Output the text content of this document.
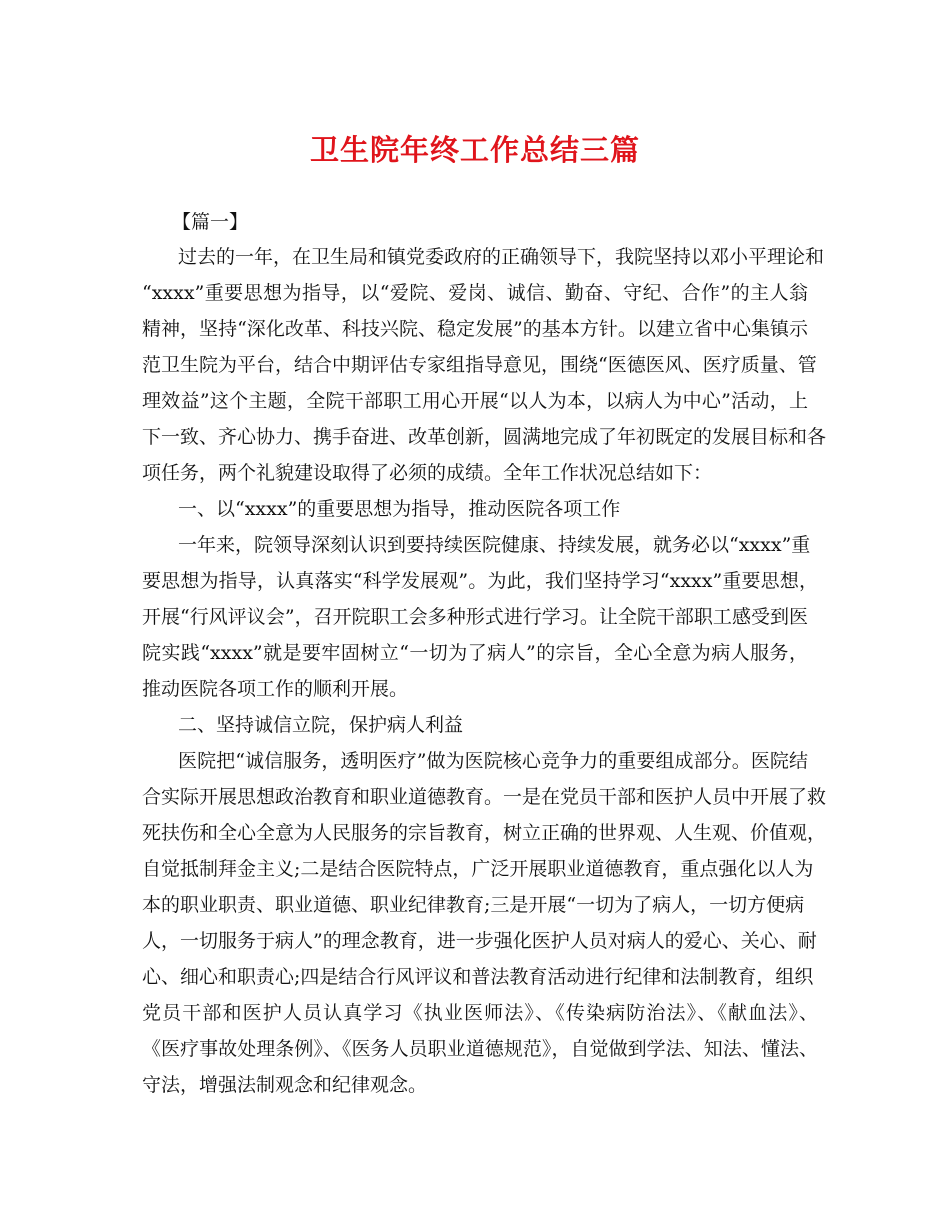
卫生院年终工作总结三篇
【篇一】
过去的一年，在卫生局和镇党委政府的正确领导下，我院坚持以邓小平理论和
“xxxx”重要思想为指导，以“爱院、爱岗、诚信、勤奋、守纪、合作”的主人翁
精神，坚持“深化改革、科技兴院、稳定发展”的基本方针。以建立省中心集镇示
范卫生院为平台，结合中期评估专家组指导意见，围绕“医德医风、医疗质量、管
理效益”这个主题，全院干部职工用心开展“以人为本，以病人为中心”活动，上
下一致、齐心协力、携手奋进、改革创新，圆满地完成了年初既定的发展目标和各
项任务，两个礼貌建设取得了必须的成绩。全年工作状况总结如下：
一、以“xxxx”的重要思想为指导，推动医院各项工作
一年来，院领导深刻认识到要持续医院健康、持续发展，就务必以“xxxx”重
要思想为指导，认真落实“科学发展观”。为此，我们坚持学习“xxxx”重要思想，
开展“行风评议会”，召开院职工会多种形式进行学习。让全院干部职工感受到医
院实践“xxxx”就是要牢固树立“一切为了病人”的宗旨，全心全意为病人服务，
推动医院各项工作的顺利开展。
二、坚持诚信立院，保护病人利益
医院把“诚信服务，透明医疗”做为医院核心竞争力的重要组成部分。医院结
合实际开展思想政治教育和职业道德教育。一是在党员干部和医护人员中开展了救
死扶伤和全心全意为人民服务的宗旨教育，树立正确的世界观、人生观、价值观，
自觉抵制拜金主义;二是结合医院特点，广泛开展职业道德教育，重点强化以人为
本的职业职责、职业道德、职业纪律教育;三是开展“一切为了病人，一切方便病
人，一切服务于病人”的理念教育，进一步强化医护人员对病人的爱心、关心、耐
心、细心和职责心;四是结合行风评议和普法教育活动进行纪律和法制教育，组织
党员干部和医护人员认真学习《执业医师法》、《传染病防治法》、《献血法》、
《医疗事故处理条例》、《医务人员职业道德规范》，自觉做到学法、知法、懂法、
守法，增强法制观念和纪律观念。
